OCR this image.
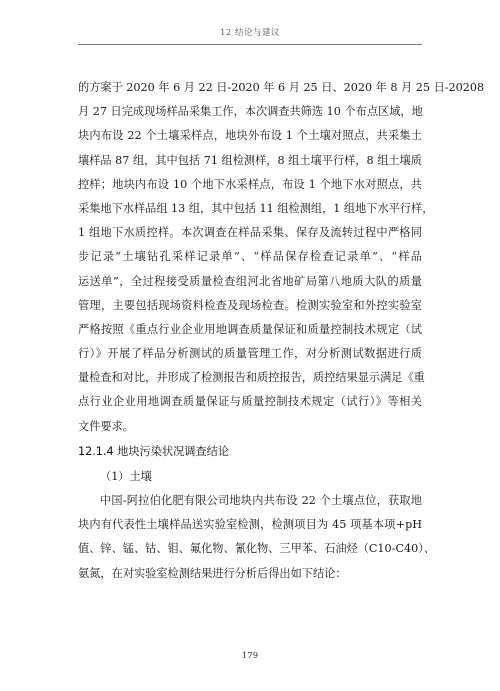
12 结论与建议
的方案于 2020 年 6 月 22 日-2020 年 6 月 25 日、2020 年 8 月 25 日-20208
月 27 日完成现场样品采集工作，本次调查共筛选 10 个布点区域，地
块内布设 22 个土壤采样点，地块外布设 1 个土壤对照点，共采集土
壤样品 87 组，其中包括 71 组检测样，8 组土壤平行样，8 组土壤质
控样；地块内布设 10 个地下水采样点，布设 1 个地下水对照点，共
采集地下水样品组 13 组，其中包括 11 组检测组，1 组地下水平行样，
1 组地下水质控样。本次调查在样品采集、保存及流转过程中严格同
步记录“土壤钻孔采样记录单”、“样品保存检查记录单”、“样品
运送单”，全过程接受质量检查组河北省地矿局第八地质大队的质量
管理，主要包括现场资料检查及现场检查。检测实验室和外控实验室
严格按照《重点行业企业用地调查质量保证和质量控制技术规定（试
行）》开展了样品分析测试的质量管理工作，对分析测试数据进行质
量检查和对比，并形成了检测报告和质控报告，质控结果显示满足《重
点行业企业用地调查质量保证与质量控制技术规定（试行）》等相关
文件要求。
12.1.4 地块污染状况调查结论
（1）土壤
中国-阿拉伯化肥有限公司地块内共布设 22 个土壤点位，获取地
块内有代表性土壤样品送实验室检测，检测项目为 45 项基本项+pH
值、锌、锰、钴、钼、氟化物、氰化物、三甲苯、石油烃（C10-C40）、
氨氮，在对实验室检测结果进行分析后得出如下结论：
179
